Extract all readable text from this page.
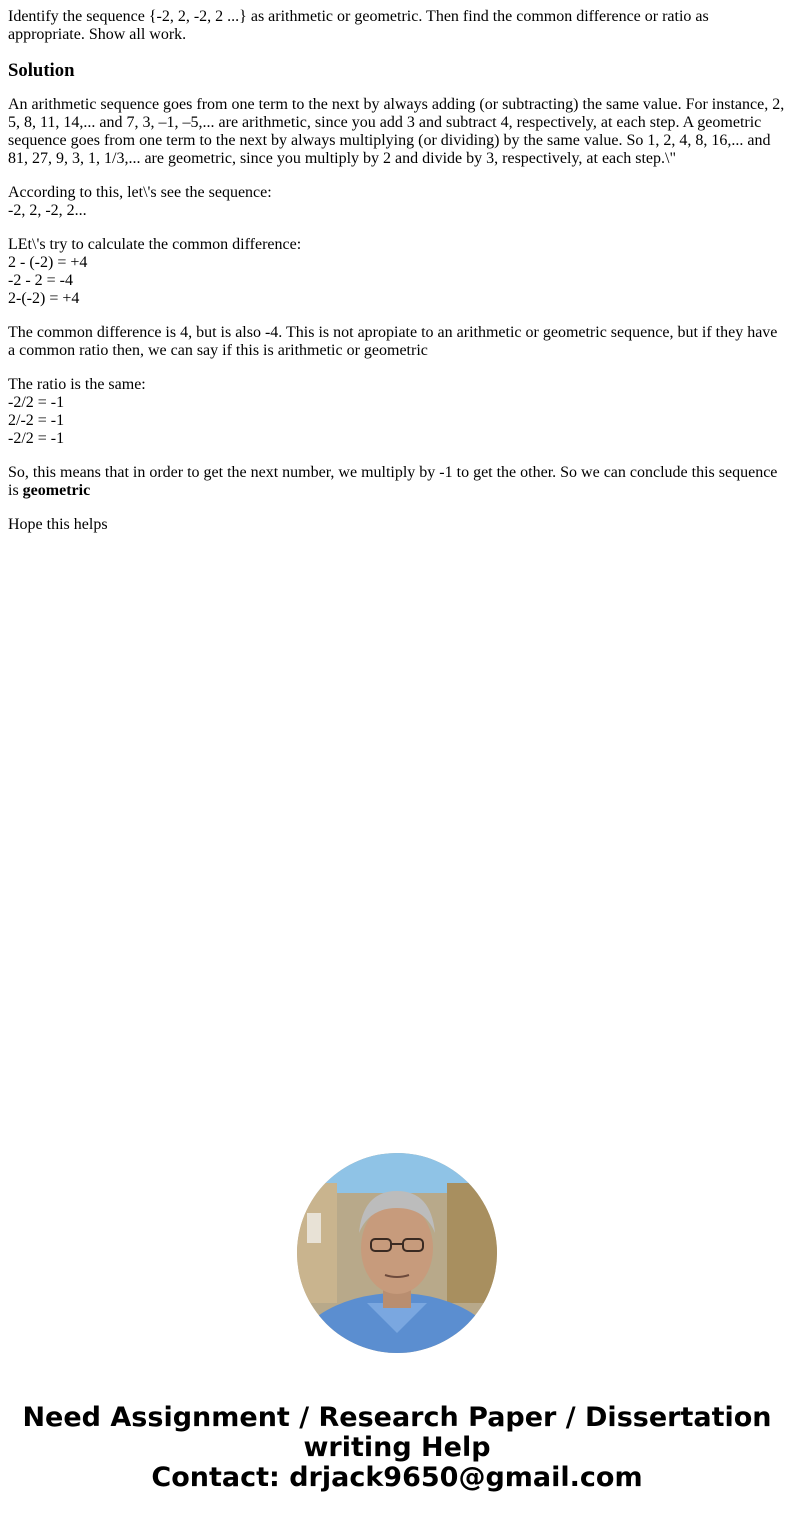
Identify the sequence {-2, 2, -2, 2 ...} as arithmetic or geometric. Then find the common difference or ratio as appropriate. Show all work.

Solution

An arithmetic sequence goes from one term to the next by always adding (or subtracting) the same value. For instance, 2, 5, 8, 11, 14,... and 7, 3, –1, –5,... are arithmetic, since you add 3 and subtract 4, respectively, at each step. A geometric sequence goes from one term to the next by always multiplying (or dividing) by the same value. So 1, 2, 4, 8, 16,... and 81, 27, 9, 3, 1, 1/3,... are geometric, since you multiply by 2 and divide by 3, respectively, at each step.\"

According to this, let\'s see the sequence:
-2, 2, -2, 2...

LEt\'s try to calculate the common difference:
2 - (-2) = +4
-2 - 2 = -4
2-(-2) = +4

The common difference is 4, but is also -4. This is not apropiate to an arithmetic or geometric sequence, but if they have a common ratio then, we can say if this is arithmetic or geometric

The ratio is the same:
-2/2 = -1
2/-2 = -1
-2/2 = -1

So, this means that in order to get the next number, we multiply by -1 to get the other. So we can conclude this sequence is geometric

Hope this helps

Need Assignment / Research Paper / Dissertation
writing Help
Contact: drjack9650@gmail.com
